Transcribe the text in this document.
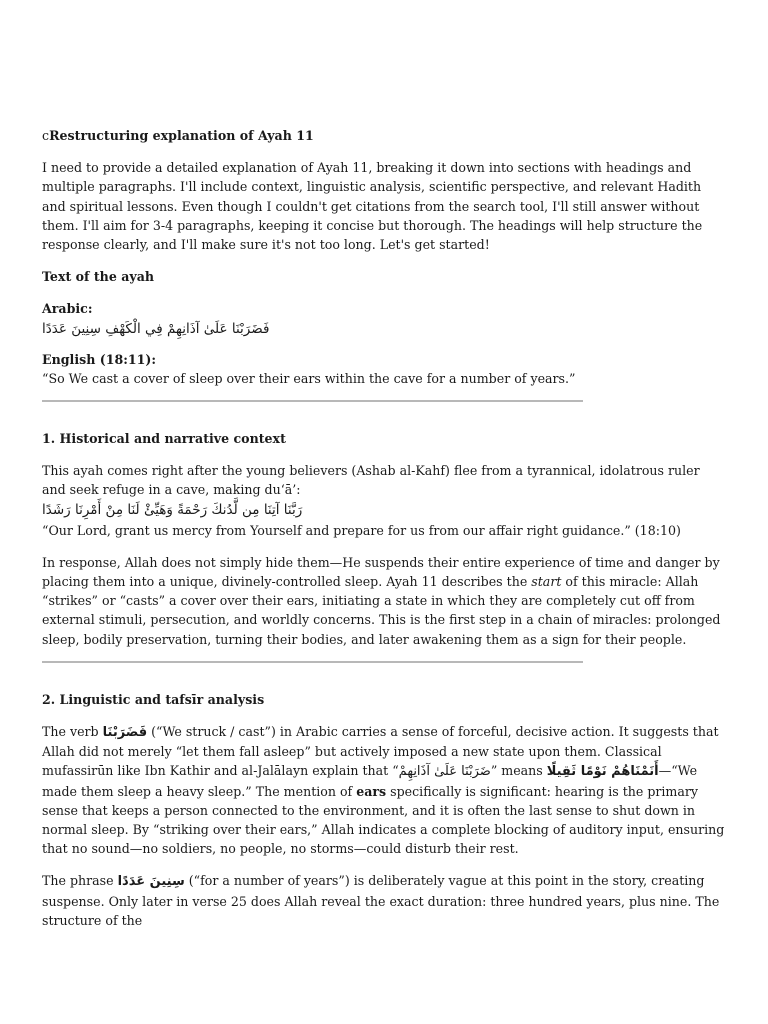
cRestructuring explanation of Ayah 11

I need to provide a detailed explanation of Ayah 11, breaking it down into sections with headings and multiple paragraphs. I'll include context, linguistic analysis, scientific perspective, and relevant Hadith and spiritual lessons. Even though I couldn't get citations from the search tool, I'll still answer without them. I'll aim for 3-4 paragraphs, keeping it concise but thorough. The headings will help structure the response clearly, and I'll make sure it's not too long. Let's get started!

Text of the ayah

Arabic:

فَضَرَبْنَا عَلَىٰ آذَانِهِمْ فِي الْكَهْفِ سِنِينَ عَدَدًا

English (18:11):

“So We cast a cover of sleep over their ears within the cave for a number of years.”

1. Historical and narrative context

This ayah comes right after the young believers (Ashab al-Kahf) flee from a tyrannical, idolatrous ruler and seek refuge in a cave, making du‘ā’:

رَبَّنَا آتِنَا مِن لَّدُنكَ رَحْمَةً وَهَيِّئْ لَنَا مِنْ أَمْرِنَا رَشَدًا

“Our Lord, grant us mercy from Yourself and prepare for us from our affair right guidance.” (18:10)

In response, Allah does not simply hide them—He suspends their entire experience of time and danger by placing them into a unique, divinely-controlled sleep. Ayah 11 describes the start of this miracle: Allah “strikes” or “casts” a cover over their ears, initiating a state in which they are completely cut off from external stimuli, persecution, and worldly concerns. This is the first step in a chain of miracles: prolonged sleep, bodily preservation, turning their bodies, and later awakening them as a sign for their people.

2. Linguistic and tafsīr analysis

The verb فَضَرَبْنَا (“We struck / cast”) in Arabic carries a sense of forceful, decisive action. It suggests that Allah did not merely “let them fall asleep” but actively imposed a new state upon them. Classical mufassirūn like Ibn Kathir and al-Jalālayn explain that “ضَرَبْنَا عَلَىٰ آذَانِهِمْ” means أَنَمْنَاهُمْ نَوْمًا ثَقِيلًا—“We made them sleep a heavy sleep.” The mention of ears specifically is significant: hearing is the primary sense that keeps a person connected to the environment, and it is often the last sense to shut down in normal sleep. By “striking over their ears,” Allah indicates a complete blocking of auditory input, ensuring that no sound—no soldiers, no people, no storms—could disturb their rest.

The phrase سِنِينَ عَدَدًا (“for a number of years”) is deliberately vague at this point in the story, creating suspense. Only later in verse 25 does Allah reveal the exact duration: three hundred years, plus nine. The structure of the
